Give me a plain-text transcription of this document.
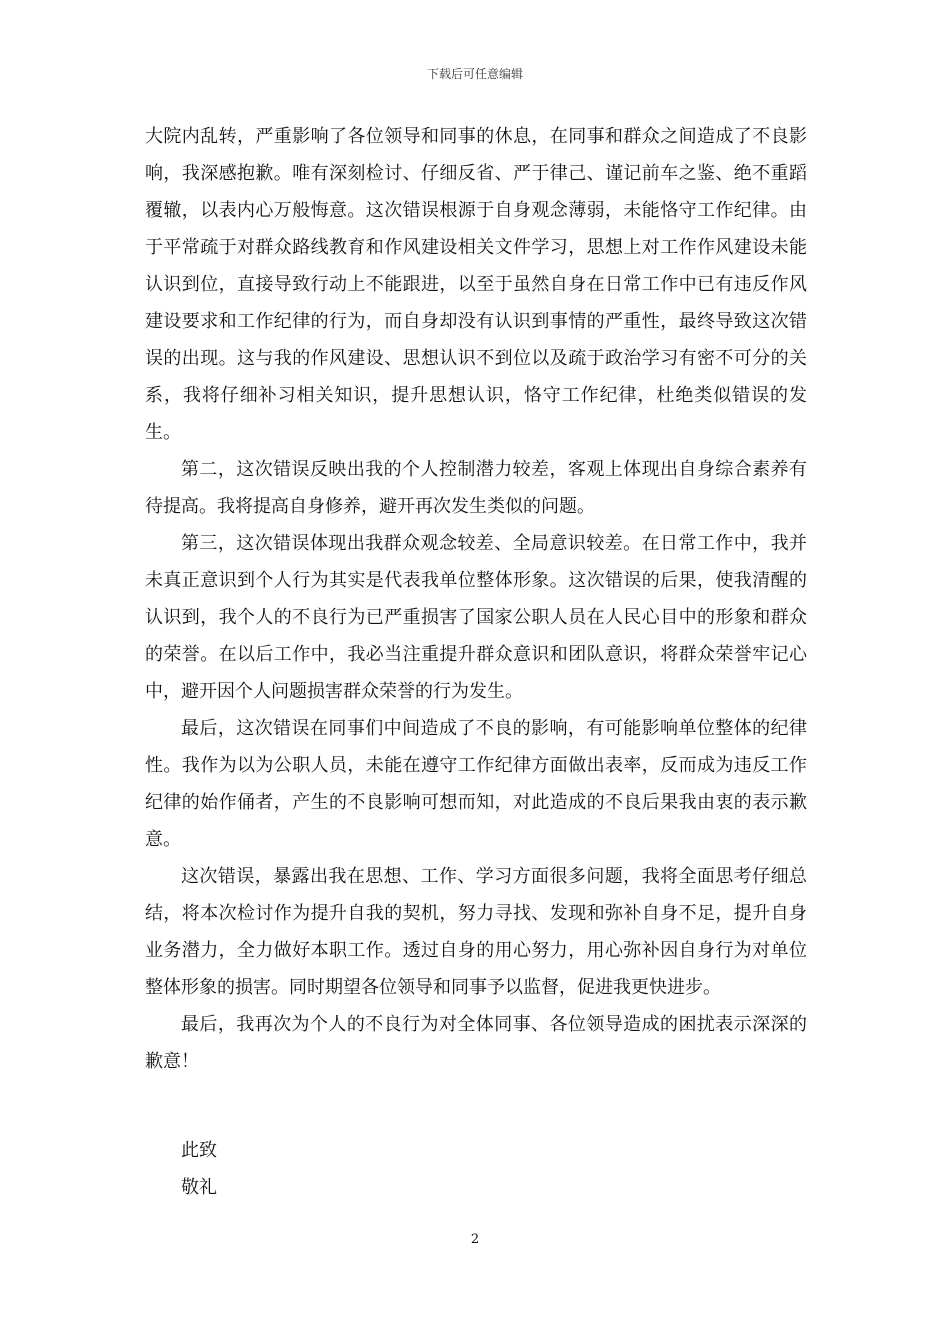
下载后可任意编辑

大院内乱转，严重影响了各位领导和同事的休息，在同事和群众之间造成了不良影响，我深感抱歉。唯有深刻检讨、仔细反省、严于律己、谨记前车之鉴、绝不重蹈覆辙，以表内心万般悔意。这次错误根源于自身观念薄弱，未能恪守工作纪律。由于平常疏于对群众路线教育和作风建设相关文件学习，思想上对工作作风建设未能认识到位，直接导致行动上不能跟进，以至于虽然自身在日常工作中已有违反作风建设要求和工作纪律的行为，而自身却没有认识到事情的严重性，最终导致这次错误的出现。这与我的作风建设、思想认识不到位以及疏于政治学习有密不可分的关系，我将仔细补习相关知识，提升思想认识，恪守工作纪律，杜绝类似错误的发生。

第二，这次错误反映出我的个人控制潜力较差，客观上体现出自身综合素养有待提高。我将提高自身修养，避开再次发生类似的问题。

第三，这次错误体现出我群众观念较差、全局意识较差。在日常工作中，我并未真正意识到个人行为其实是代表我单位整体形象。这次错误的后果，使我清醒的认识到，我个人的不良行为已严重损害了国家公职人员在人民心目中的形象和群众的荣誉。在以后工作中，我必当注重提升群众意识和团队意识，将群众荣誉牢记心中，避开因个人问题损害群众荣誉的行为发生。

最后，这次错误在同事们中间造成了不良的影响，有可能影响单位整体的纪律性。我作为以为公职人员，未能在遵守工作纪律方面做出表率，反而成为违反工作纪律的始作俑者，产生的不良影响可想而知，对此造成的不良后果我由衷的表示歉意。

这次错误，暴露出我在思想、工作、学习方面很多问题，我将全面思考仔细总结，将本次检讨作为提升自我的契机，努力寻找、发现和弥补自身不足，提升自身业务潜力，全力做好本职工作。透过自身的用心努力，用心弥补因自身行为对单位整体形象的损害。同时期望各位领导和同事予以监督，促进我更快进步。

最后，我再次为个人的不良行为对全体同事、各位领导造成的困扰表示深深的歉意！

此致
敬礼
2
